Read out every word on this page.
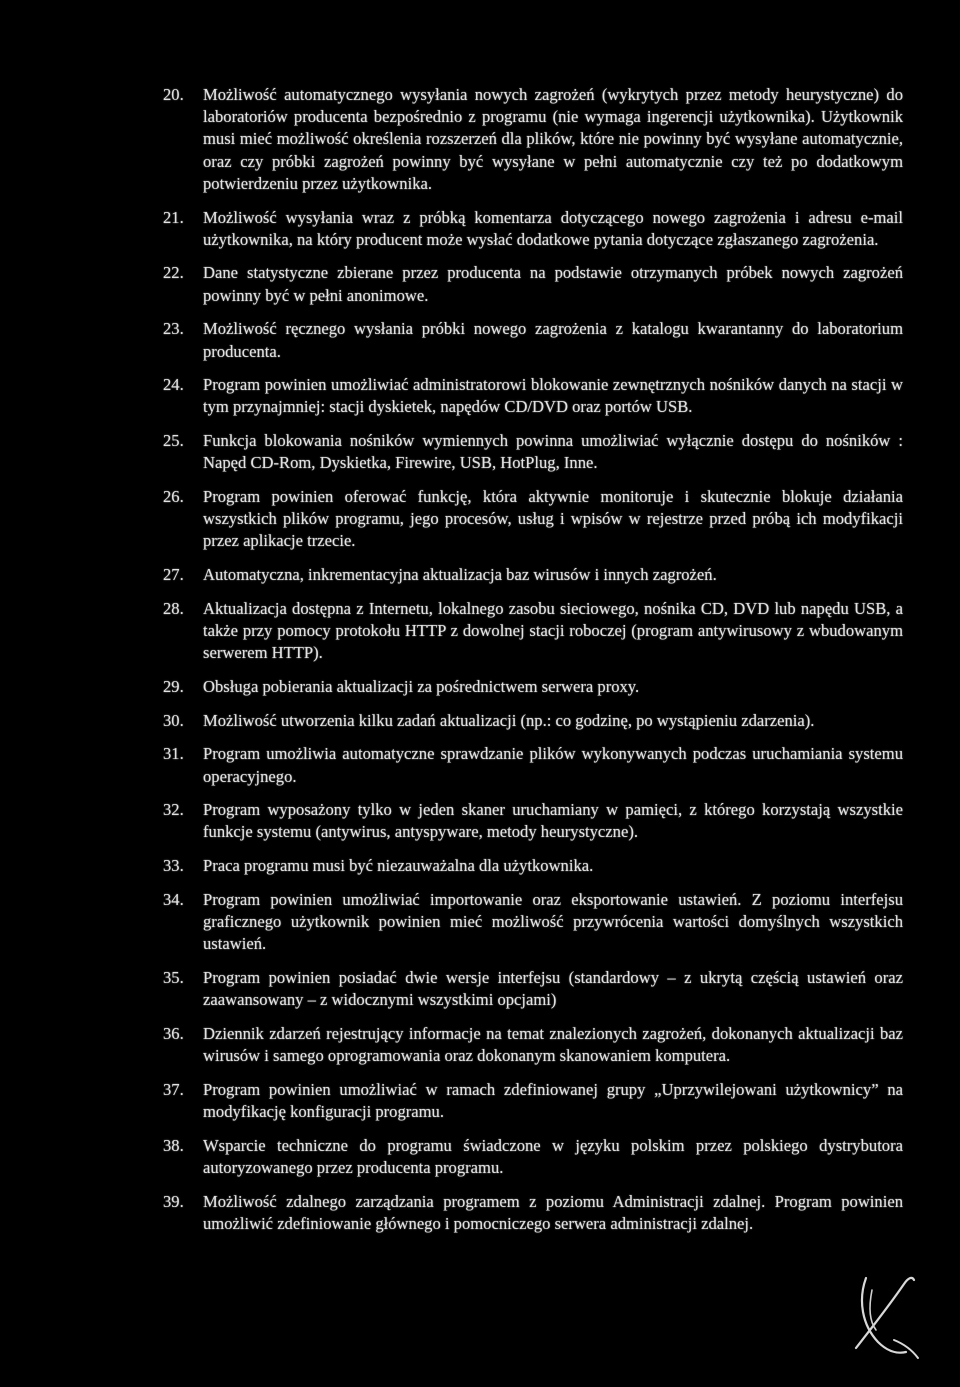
20.	Możliwość automatycznego wysyłania nowych zagrożeń (wykrytych przez metody heurystyczne) do laboratoriów producenta bezpośrednio z programu (nie wymaga ingerencji użytkownika). Użytkownik musi mieć możliwość określenia rozszerzeń dla plików, które nie powinny być wysyłane automatycznie, oraz czy próbki zagrożeń powinny być wysyłane w pełni automatycznie czy też po dodatkowym potwierdzeniu przez użytkownika.
21.	Możliwość wysyłania wraz z próbką komentarza dotyczącego nowego zagrożenia i adresu e-mail użytkownika, na który producent może wysłać dodatkowe pytania dotyczące zgłaszanego zagrożenia.
22.	Dane statystyczne zbierane przez producenta na podstawie otrzymanych próbek nowych zagrożeń powinny być w pełni anonimowe.
23.	Możliwość ręcznego wysłania próbki nowego zagrożenia z katalogu kwarantanny do laboratorium producenta.
24.	Program powinien umożliwiać administratorowi blokowanie zewnętrznych nośników danych na stacji w tym przynajmniej: stacji dyskietek, napędów CD/DVD oraz portów USB.
25.	Funkcja blokowania nośników wymiennych powinna umożliwiać wyłącznie dostępu do nośników : Napęd CD-Rom, Dyskietka, Firewire, USB, HotPlug, Inne.
26.	Program powinien oferować funkcję, która aktywnie monitoruje i skutecznie blokuje działania wszystkich plików programu, jego procesów, usług i wpisów w rejestrze przed próbą ich modyfikacji przez aplikacje trzecie.
27.	Automatyczna, inkrementacyjna aktualizacja baz wirusów i innych zagrożeń.
28.	Aktualizacja dostępna z Internetu, lokalnego zasobu sieciowego, nośnika CD, DVD lub napędu USB, a także przy pomocy protokołu HTTP z dowolnej stacji roboczej (program antywirusowy z wbudowanym serwerem HTTP).
29.	Obsługa pobierania aktualizacji za pośrednictwem serwera proxy.
30.	Możliwość utworzenia kilku zadań aktualizacji (np.: co godzinę, po wystąpieniu zdarzenia).
31.	Program umożliwia automatyczne sprawdzanie plików wykonywanych podczas uruchamiania systemu operacyjnego.
32.	Program wyposażony tylko w jeden skaner uruchamiany w pamięci, z którego korzystają wszystkie funkcje systemu (antywirus, antyspyware, metody heurystyczne).
33.	Praca programu musi być niezauważalna dla użytkownika.
34.	Program powinien umożliwiać importowanie oraz eksportowanie ustawień. Z poziomu interfejsu graficznego użytkownik powinien mieć możliwość przywrócenia wartości domyślnych wszystkich ustawień.
35.	Program powinien posiadać dwie wersje interfejsu (standardowy – z ukrytą częścią ustawień oraz zaawansowany – z widocznymi wszystkimi opcjami)
36.	Dziennik zdarzeń rejestrujący informacje na temat znalezionych zagrożeń, dokonanych aktualizacji baz wirusów i samego oprogramowania oraz dokonanym skanowaniem komputera.
37.	Program powinien umożliwiać w ramach zdefiniowanej grupy „Uprzywilejowani użytkownicy” na modyfikację konfiguracji programu.
38.	Wsparcie techniczne do programu świadczone w języku polskim przez polskiego dystrybutora autoryzowanego przez producenta programu.
39.	Możliwość zdalnego zarządzania programem z poziomu Administracji zdalnej. Program powinien umożliwić zdefiniowanie głównego i pomocniczego serwera administracji zdalnej.
